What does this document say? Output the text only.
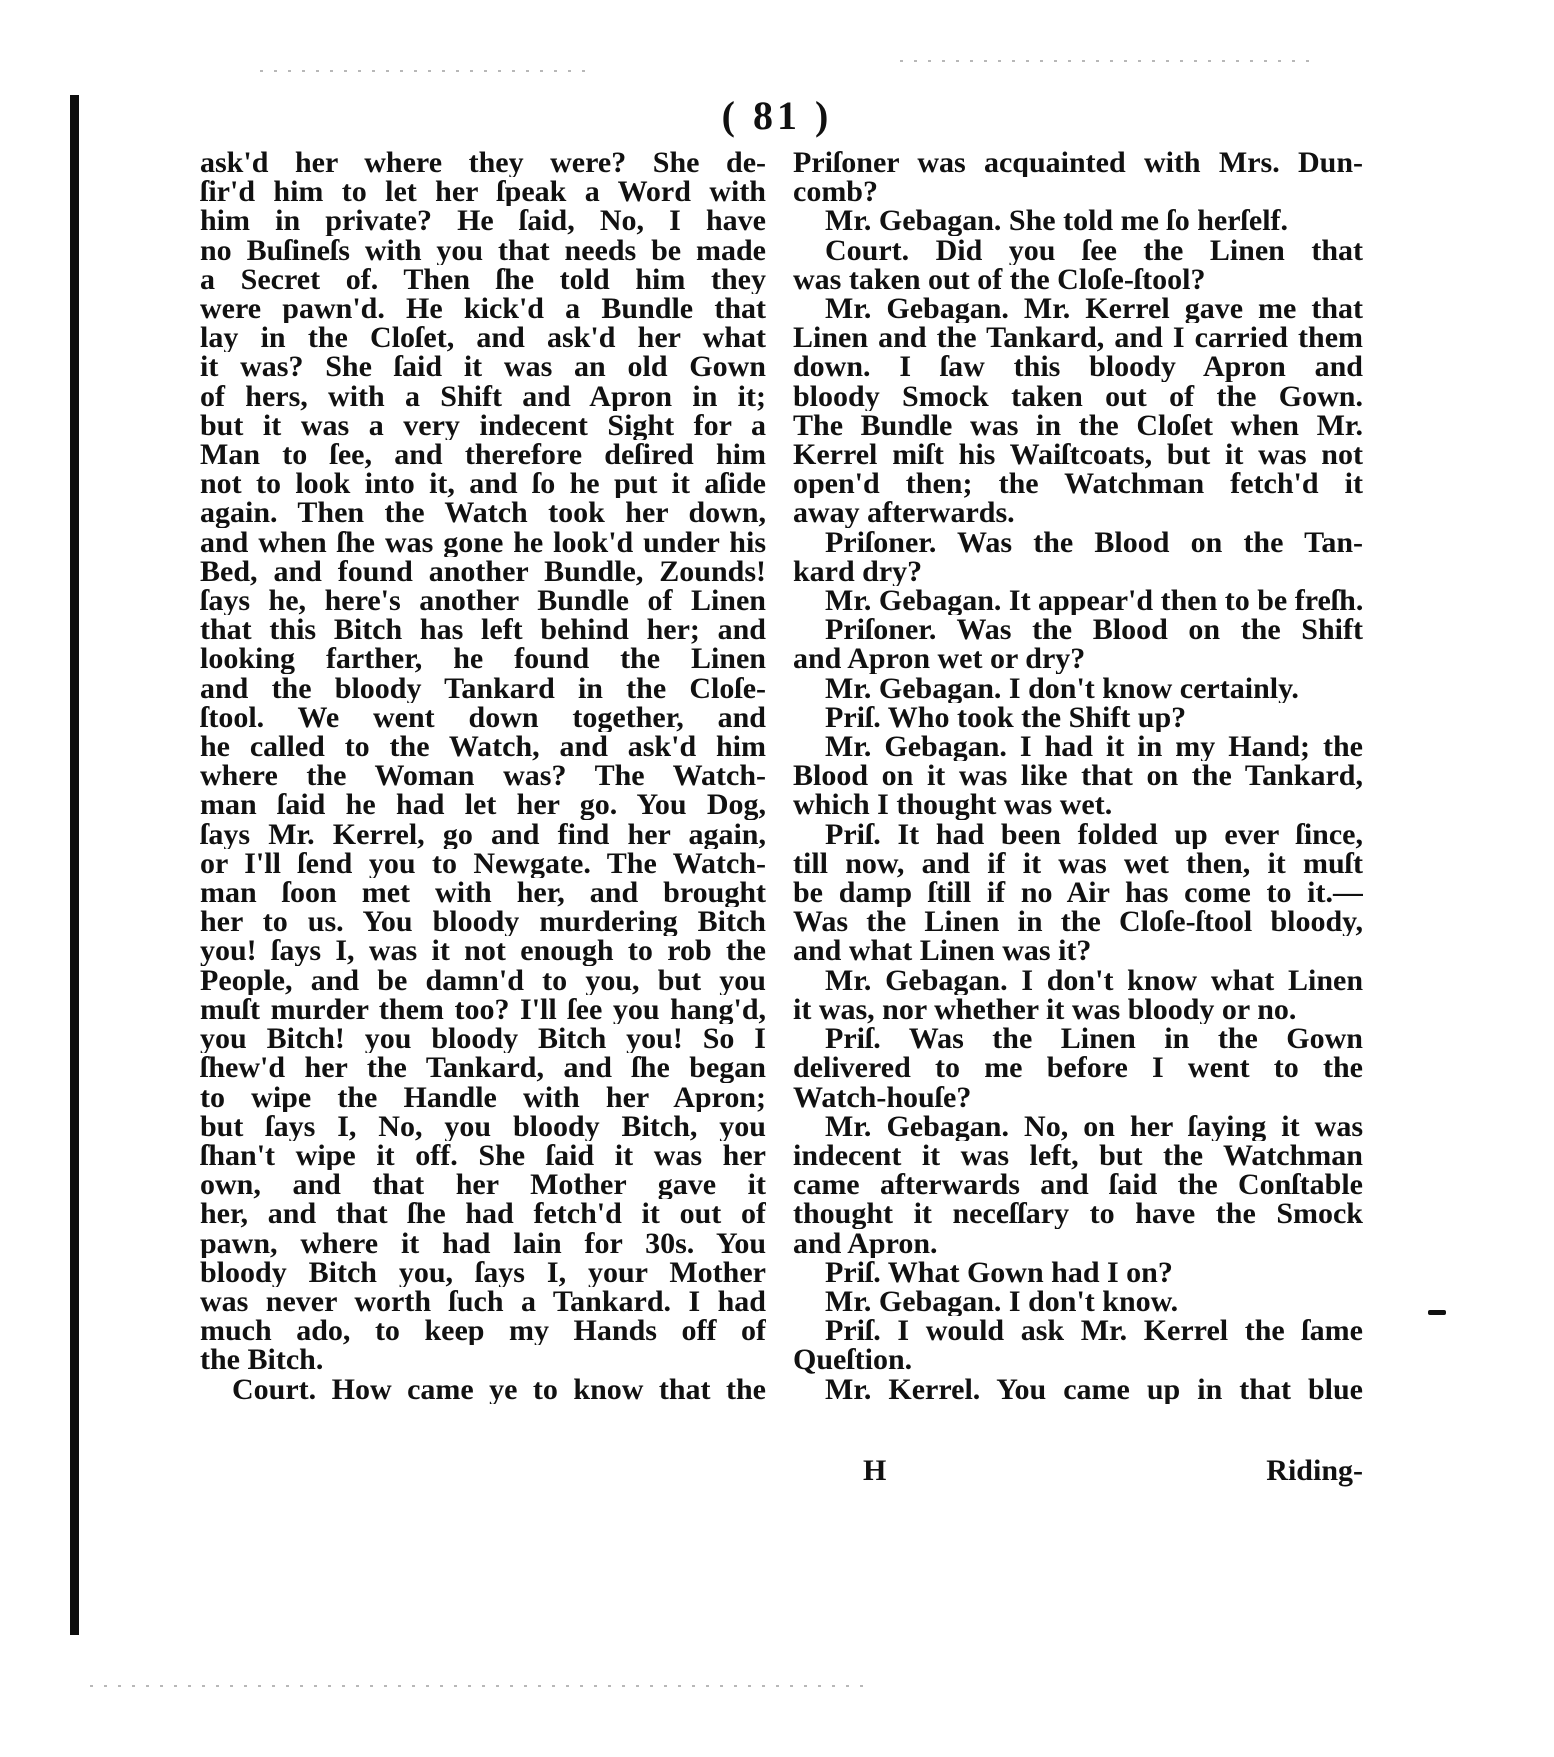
( 81 )
ask'd her where they were? She de-
ſir'd him to let her ſpeak a Word with
him in private? He ſaid, No, I have
no Buſineſs with you that needs be made
a Secret of. Then ſhe told him they
were pawn'd. He kick'd a Bundle that
lay in the Cloſet, and ask'd her what
it was? She ſaid it was an old Gown
of hers, with a Shift and Apron in it;
but it was a very indecent Sight for a
Man to ſee, and therefore deſired him
not to look into it, and ſo he put it aſide
again. Then the Watch took her down,
and when ſhe was gone he look'd under his
Bed, and found another Bundle, Zounds!
ſays he, here's another Bundle of Linen
that this Bitch has left behind her; and
looking farther, he found the Linen
and the bloody Tankard in the Cloſe-
ſtool. We went down together, and
he called to the Watch, and ask'd him
where the Woman was? The Watch-
man ſaid he had let her go. You Dog,
ſays Mr. Kerrel, go and find her again,
or I'll ſend you to Newgate. The Watch-
man ſoon met with her, and brought
her to us. You bloody murdering Bitch
you! ſays I, was it not enough to rob the
People, and be damn'd to you, but you
muſt murder them too? I'll ſee you hang'd,
you Bitch! you bloody Bitch you! So I
ſhew'd her the Tankard, and ſhe began
to wipe the Handle with her Apron;
but ſays I, No, you bloody Bitch, you
ſhan't wipe it off. She ſaid it was her
own, and that her Mother gave it
her, and that ſhe had fetch'd it out of
pawn, where it had lain for 30s. You
bloody Bitch you, ſays I, your Mother
was never worth ſuch a Tankard. I had
much ado, to keep my Hands off of
the Bitch.
Court. How came ye to know that the
Priſoner was acquainted with Mrs. Dun-
comb?
Mr. Gebagan. She told me ſo herſelf.
Court. Did you ſee the Linen that
was taken out of the Cloſe-ſtool?
Mr. Gebagan. Mr. Kerrel gave me that
Linen and the Tankard, and I carried them
down. I ſaw this bloody Apron and
bloody Smock taken out of the Gown.
The Bundle was in the Cloſet when Mr.
Kerrel miſt his Waiſtcoats, but it was not
open'd then; the Watchman fetch'd it
away afterwards.
Priſoner. Was the Blood on the Tan-
kard dry?
Mr. Gebagan. It appear'd then to be freſh.
Priſoner. Was the Blood on the Shift
and Apron wet or dry?
Mr. Gebagan. I don't know certainly.
Priſ. Who took the Shift up?
Mr. Gebagan. I had it in my Hand; the
Blood on it was like that on the Tankard,
which I thought was wet.
Priſ. It had been folded up ever ſince,
till now, and if it was wet then, it muſt
be damp ſtill if no Air has come to it.—
Was the Linen in the Cloſe-ſtool bloody,
and what Linen was it?
Mr. Gebagan. I don't know what Linen
it was, nor whether it was bloody or no.
Priſ. Was the Linen in the Gown
delivered to me before I went to the
Watch-houſe?
Mr. Gebagan. No, on her ſaying it was
indecent it was left, but the Watchman
came afterwards and ſaid the Conſtable
thought it neceſſary to have the Smock
and Apron.
Priſ. What Gown had I on?
Mr. Gebagan. I don't know.
Priſ. I would ask Mr. Kerrel the ſame
Queſtion.
Mr. Kerrel. You came up in that blue
H	Riding-
